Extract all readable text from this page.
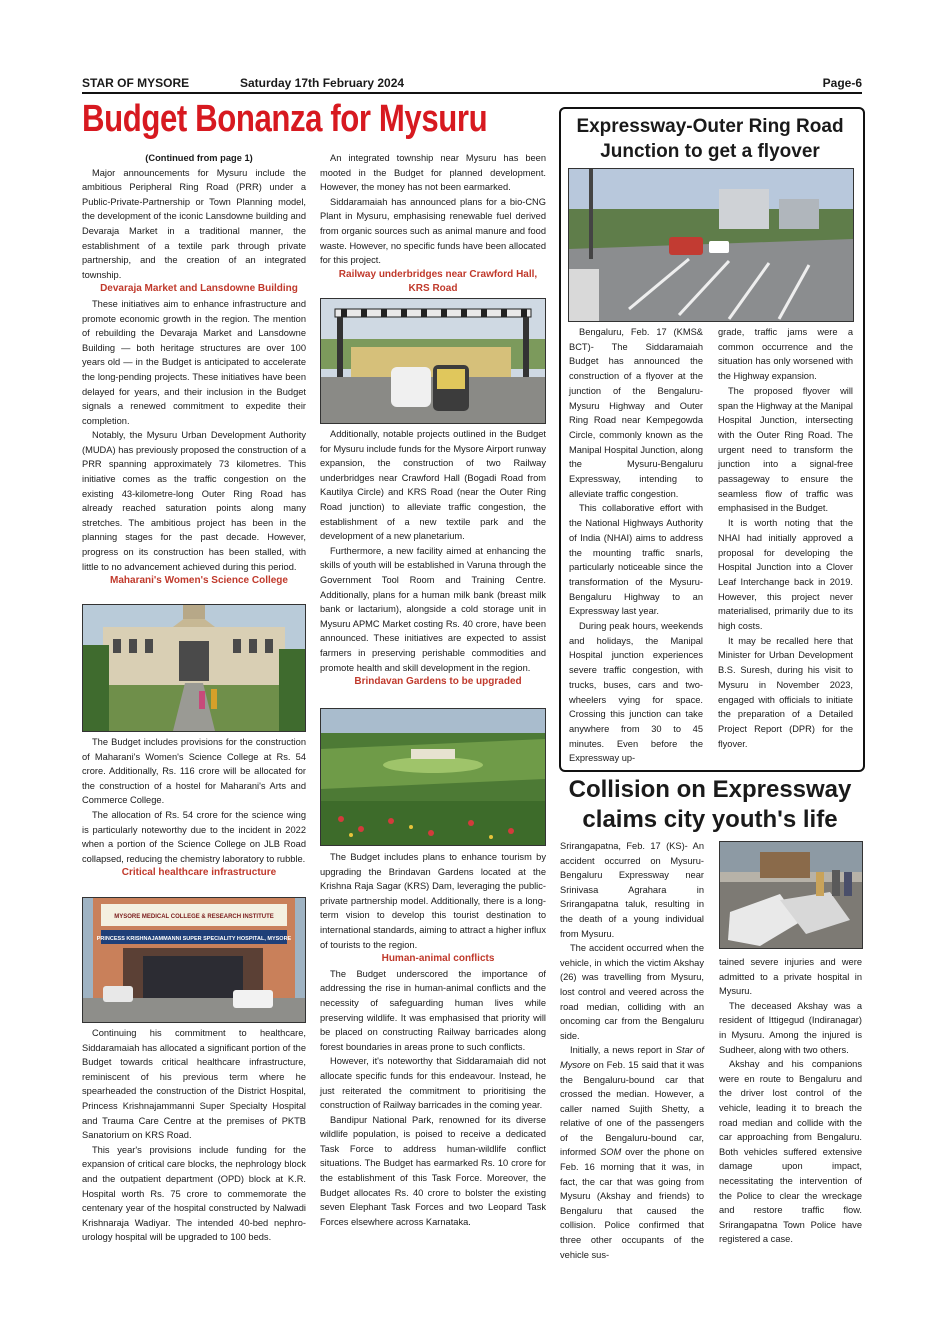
STAR OF MYSORE	Saturday 17th February 2024	Page-6
Budget Bonanza for Mysuru

(Continued from page 1)

Major announcements for Mysuru include the ambitious Peripheral Ring Road (PRR) under a Public-Private-Partnership or Town Planning model, the development of the iconic Lansdowne building and Devaraja Market in a traditional manner, the establishment of a textile park through private partnership, and the creation of an integrated township.

Devaraja Market and Lansdowne Building

These initiatives aim to enhance infrastructure and promote economic growth in the region. The mention of rebuilding the Devaraja Market and Lansdowne Building — both heritage structures are over 100 years old — in the Budget is anticipated to accelerate the long-pending projects. These initiatives have been delayed for years, and their inclusion in the Budget signals a renewed commitment to expedite their completion.

Notably, the Mysuru Urban Development Authority (MUDA) has previously proposed the construction of a PRR spanning approximately 73 kilometres. This initiative comes as the traffic congestion on the existing 43-kilometre-long Outer Ring Road has already reached saturation points along many stretches. The ambitious project has been in the planning stages for the past decade. However, progress on its construction has been stalled, with little to no advancement achieved during this period.

Maharani's Women's Science College

The Budget includes provisions for the construction of Maharani's Women's Science College at Rs. 54 crore. Additionally, Rs. 116 crore will be allocated for the construction of a hostel for Maharani's Arts and Commerce College.

The allocation of Rs. 54 crore for the science wing is particularly noteworthy due to the incident in 2022 when a portion of the Science College on JLB Road collapsed, reducing the chemistry laboratory to rubble.

Critical healthcare infrastructure

MYSORE MEDICAL COLLEGE & RESEARCH INSTITUTE
PRINCESS KRISHNAJAMMANNI SUPER SPECIALITY HOSPITAL, MYSORE

Continuing his commitment to healthcare, Siddaramaiah has allocated a significant portion of the Budget towards critical healthcare infrastructure, reminiscent of his previous term where he spearheaded the construction of the District Hospital, Princess Krishnajammanni Super Specialty Hospital and Trauma Care Centre at the premises of PKTB Sanatorium on KRS Road.

This year's provisions include funding for the expansion of critical care blocks, the nephrology block and the outpatient department (OPD) block at K.R. Hospital worth Rs. 75 crore to commemorate the centenary year of the hospital constructed by Nalwadi Krishnaraja Wadiyar. The intended 40-bed nephro-urology hospital will be upgraded to 100 beds.

An integrated township near Mysuru has been mooted in the Budget for planned development. However, the money has not been earmarked.

Siddaramaiah has announced plans for a bio-CNG Plant in Mysuru, emphasising renewable fuel derived from organic sources such as animal manure and food waste. However, no specific funds have been allocated for this project.

Railway underbridges near Crawford Hall, KRS Road

Additionally, notable projects outlined in the Budget for Mysuru include funds for the Mysore Airport runway expansion, the construction of two Railway underbridges near Crawford Hall (Bogadi Road from Kautilya Circle) and KRS Road (near the Outer Ring Road junction) to alleviate traffic congestion, the establishment of a new textile park and the development of a new planetarium.

Furthermore, a new facility aimed at enhancing the skills of youth will be established in Varuna through the Government Tool Room and Training Centre. Additionally, plans for a human milk bank (breast milk bank or lactarium), alongside a cold storage unit in Mysuru APMC Market costing Rs. 40 crore, have been announced. These initiatives are expected to assist farmers in preserving perishable commodities and promote health and skill development in the region.

Brindavan Gardens to be upgraded

The Budget includes plans to enhance tourism by upgrading the Brindavan Gardens located at the Krishna Raja Sagar (KRS) Dam, leveraging the public-private partnership model. Additionally, there is a long-term vision to develop this tourist destination to international standards, aiming to attract a higher influx of tourists to the region.

Human-animal conflicts

The Budget underscored the importance of addressing the rise in human-animal conflicts and the necessity of safeguarding human lives while preserving wildlife. It was emphasised that priority will be placed on constructing Railway barricades along forest boundaries in areas prone to such conflicts.

However, it's noteworthy that Siddaramaiah did not allocate specific funds for this endeavour. Instead, he just reiterated the commitment to prioritising the construction of Railway barricades in the coming year.

Bandipur National Park, renowned for its diverse wildlife population, is poised to receive a dedicated Task Force to address human-wildlife conflict situations. The Budget has earmarked Rs. 10 crore for the establishment of this Task Force. Moreover, the Budget allocates Rs. 40 crore to bolster the existing seven Elephant Task Forces and two Leopard Task Forces elsewhere across Karnataka.

Expressway-Outer Ring Road Junction to get a flyover

Bengaluru, Feb. 17 (KMS& BCT)- The Siddaramaiah Budget has announced the construction of a flyover at the junction of the Bengaluru-Mysuru Highway and Outer Ring Road near Kempegowda Circle, commonly known as the Manipal Hospital Junction, along the Mysuru-Bengaluru Expressway, intending to alleviate traffic congestion.

This collaborative effort with the National Highways Authority of India (NHAI) aims to address the mounting traffic snarls, particularly noticeable since the transformation of the Mysuru-Bengaluru Highway to an Expressway last year.

During peak hours, weekends and holidays, the Manipal Hospital junction experiences severe traffic congestion, with trucks, buses, cars and two-wheelers vying for space. Crossing this junction can take anywhere from 30 to 45 minutes. Even before the Expressway up-

grade, traffic jams were a common occurrence and the situation has only worsened with the Highway expansion.

The proposed flyover will span the Highway at the Manipal Hospital Junction, intersecting with the Outer Ring Road. The urgent need to transform the junction into a signal-free passageway to ensure the seamless flow of traffic was emphasised in the Budget.

It is worth noting that the NHAI had initially approved a proposal for developing the Hospital Junction into a Clover Leaf Interchange back in 2019. However, this project never materialised, primarily due to its high costs.

It may be recalled here that Minister for Urban Development B.S. Suresh, during his visit to Mysuru in November 2023, engaged with officials to initiate the preparation of a Detailed Project Report (DPR) for the flyover.

Collision on Expressway claims city youth's life

Srirangapatna, Feb. 17 (KS)- An accident occurred on Mysuru-Bengaluru Expressway near Srinivasa Agrahara in Srirangapatna taluk, resulting in the death of a young individual from Mysuru.

The accident occurred when the vehicle, in which the victim Akshay (26) was travelling from Mysuru, lost control and veered across the road median, colliding with an oncoming car from the Bengaluru side.

Initially, a news report in Star of Mysore on Feb. 15 said that it was the Bengaluru-bound car that crossed the median. However, a caller named Sujith Shetty, a relative of one of the passengers of the Bengaluru-bound car, informed SOM over the phone on Feb. 16 morning that it was, in fact, the car that was going from Mysuru (Akshay and friends) to Bengaluru that caused the collision. Police confirmed that three other occupants of the vehicle sus-

tained severe injuries and were admitted to a private hospital in Mysuru.

The deceased Akshay was a resident of Ittigegud (Indiranagar) in Mysuru. Among the injured is Sudheer, along with two others.

Akshay and his companions were en route to Bengaluru and the driver lost control of the vehicle, leading it to breach the road median and collide with the car approaching from Bengaluru. Both vehicles suffered extensive damage upon impact, necessitating the intervention of the Police to clear the wreckage and restore traffic flow. Srirangapatna Town Police have registered a case.
